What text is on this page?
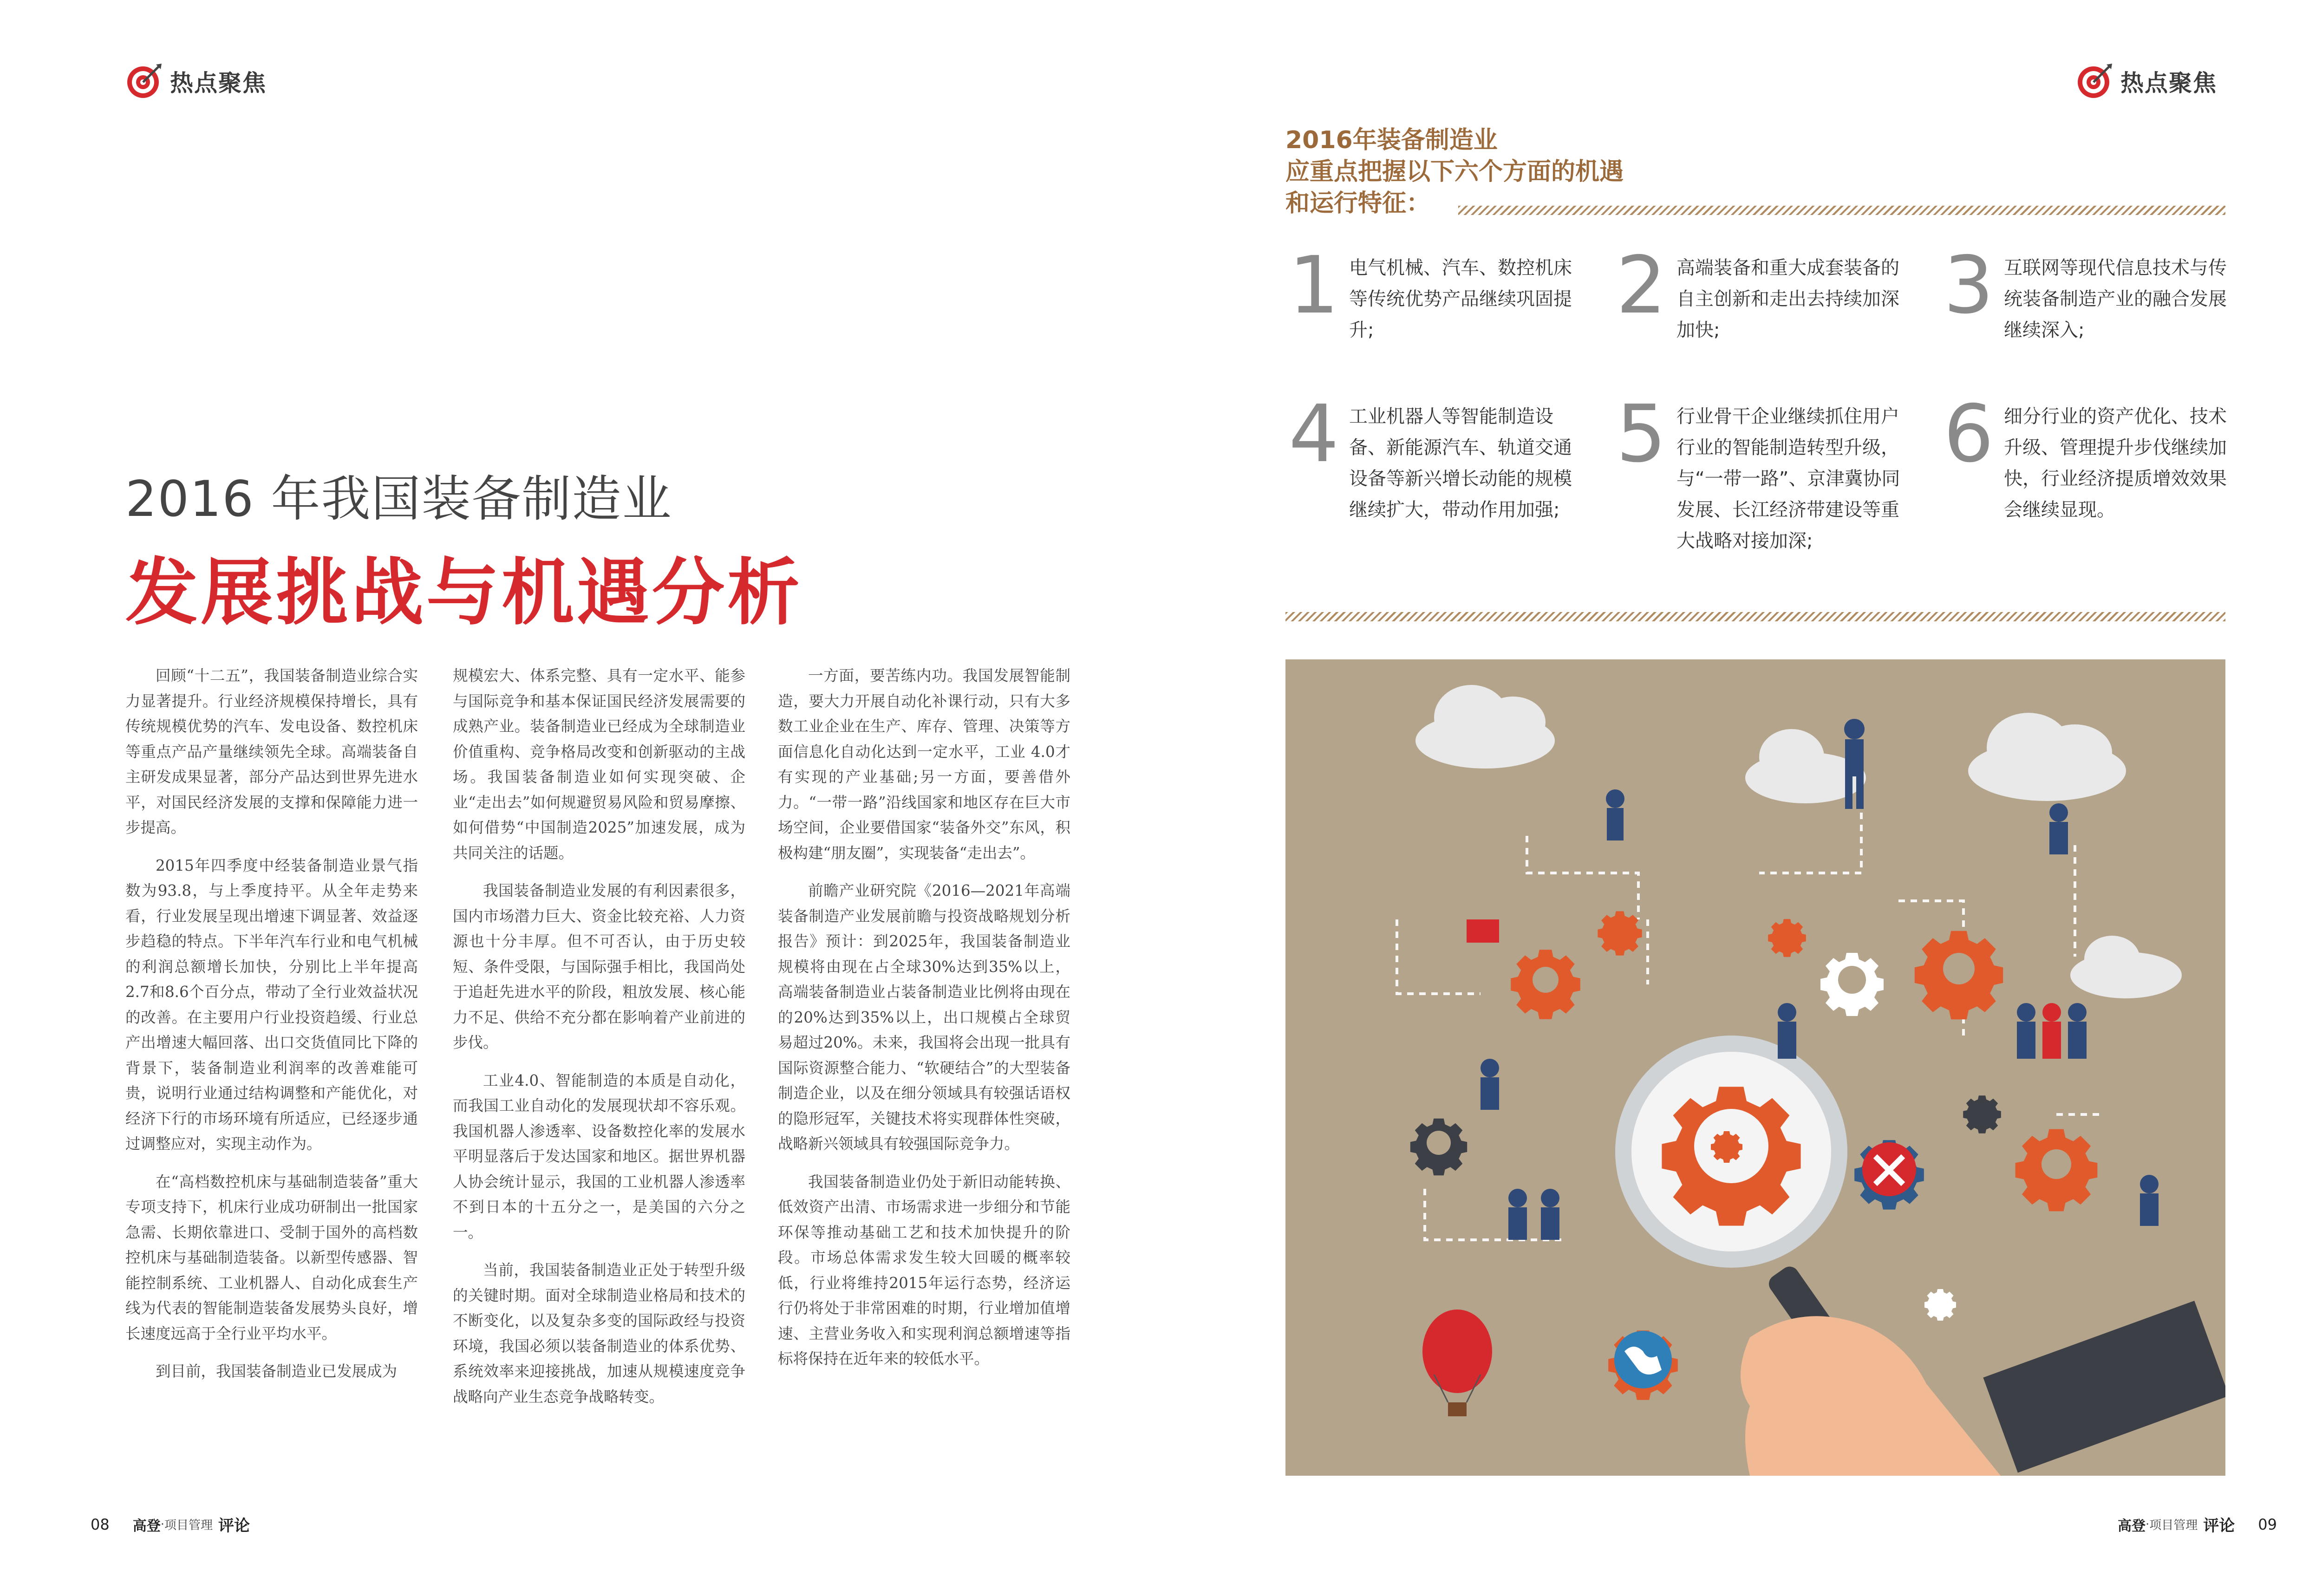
热点聚焦
2016 年我国装备制造业
发展挑战与机遇分析

回顾“十二五”，我国装备制造业综合实力显著提升。行业经济规模保持增长，具有传统规模优势的汽车、发电设备、数控机床等重点产品产量继续领先全球。高端装备自主研发成果显著，部分产品达到世界先进水平，对国民经济发展的支撑和保障能力进一步提高。

2015年四季度中经装备制造业景气指数为93.8，与上季度持平。从全年走势来看，行业发展呈现出增速下调显著、效益逐步趋稳的特点。下半年汽车行业和电气机械的利润总额增长加快，分别比上半年提高2.7和8.6个百分点，带动了全行业效益状况的改善。在主要用户行业投资趋缓、行业总产出增速大幅回落、出口交货值同比下降的背景下，装备制造业利润率的改善难能可贵，说明行业通过结构调整和产能优化，对经济下行的市场环境有所适应，已经逐步通过调整应对，实现主动作为。

在“高档数控机床与基础制造装备”重大专项支持下，机床行业成功研制出一批国家急需、长期依靠进口、受制于国外的高档数控机床与基础制造装备。以新型传感器、智能控制系统、工业机器人、自动化成套生产线为代表的智能制造装备发展势头良好，增长速度远高于全行业平均水平。

到目前，我国装备制造业已发展成为

规模宏大、体系完整、具有一定水平、能参与国际竞争和基本保证国民经济发展需要的成熟产业。装备制造业已经成为全球制造业价值重构、竞争格局改变和创新驱动的主战场。我国装备制造业如何实现突破、企业“走出去”如何规避贸易风险和贸易摩擦、如何借势“中国制造2025”加速发展，成为共同关注的话题。

我国装备制造业发展的有利因素很多，国内市场潜力巨大、资金比较充裕、人力资源也十分丰厚。但不可否认，由于历史较短、条件受限，与国际强手相比，我国尚处于追赶先进水平的阶段，粗放发展、核心能力不足、供给不充分都在影响着产业前进的步伐。

工业4.0、智能制造的本质是自动化，而我国工业自动化的发展现状却不容乐观。我国机器人渗透率、设备数控化率的发展水平明显落后于发达国家和地区。据世界机器人协会统计显示，我国的工业机器人渗透率不到日本的十五分之一，是美国的六分之一。

当前，我国装备制造业正处于转型升级的关键时期。面对全球制造业格局和技术的不断变化，以及复杂多变的国际政经与投资环境，我国必须以装备制造业的体系优势、系统效率来迎接挑战，加速从规模速度竞争战略向产业生态竞争战略转变。

一方面，要苦练内功。我国发展智能制造，要大力开展自动化补课行动，只有大多数工业企业在生产、库存、管理、决策等方面信息化自动化达到一定水平，工业 4.0才有实现的产业基础;另一方面，要善借外力。“一带一路”沿线国家和地区存在巨大市场空间，企业要借国家“装备外交”东风，积极构建“朋友圈”，实现装备“走出去”。

前瞻产业研究院《2016—2021年高端装备制造产业发展前瞻与投资战略规划分析报告》预计：到2025年，我国装备制造业规模将由现在占全球30%达到35%以上，高端装备制造业占装备制造业比例将由现在的20%达到35%以上，出口规模占全球贸易超过20%。未来，我国将会出现一批具有国际资源整合能力、“软硬结合”的大型装备制造企业，以及在细分领域具有较强话语权的隐形冠军，关键技术将实现群体性突破，战略新兴领域具有较强国际竞争力。

我国装备制造业仍处于新旧动能转换、低效资产出清、市场需求进一步细分和节能环保等推动基础工艺和技术加快提升的阶段。市场总体需求发生较大回暖的概率较低，行业将维持2015年运行态势，经济运行仍将处于非常困难的时期，行业增加值增速、主营业务收入和实现利润总额增速等指标将保持在近年来的较低水平。

08 高登 · 项目管理 评论
热点聚焦
2016年装备制造业
应重点把握以下六个方面的机遇
和运行特征：
1 电气机械、汽车、数控机床等传统优势产品继续巩固提升;	2 高端装备和重大成套装备的自主创新和走出去持续加深加快;	3 互联网等现代信息技术与传统装备制造产业的融合发展继续深入;
4 工业机器人等智能制造设备、新能源汽车、轨道交通设备等新兴增长动能的规模继续扩大，带动作用加强;
5 行业骨干企业继续抓住用户行业的智能制造转型升级，与“一带一路”、京津冀协同发展、长江经济带建设等重大战略对接加深;
6 细分行业的资产优化、技术升级、管理提升步伐继续加快，行业经济提质增效效果会继续显现。
高登 · 项目管理 评论 09
